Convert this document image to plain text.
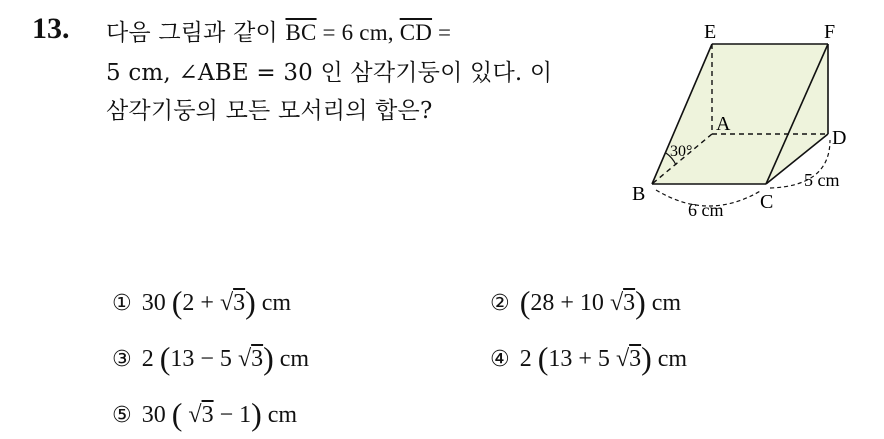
13. 다음 그림과 같이 $\overline{BC} = 6$ cm, $\overline{CD}$ =
5 cm, ∠ABE = 30 인 삼각기둥이 있다. 이
삼각기둥의 모든 모서리의 합은?
E	F
A
D
B	C
30°
6 cm
5 cm
① 30 (2 + √3) cm	② (28 + 10 √3) cm
③ 2 (13 − 5 √3) cm	④ 2 (13 + 5 √3) cm
⑤ 30 ( √3 − 1) cm
